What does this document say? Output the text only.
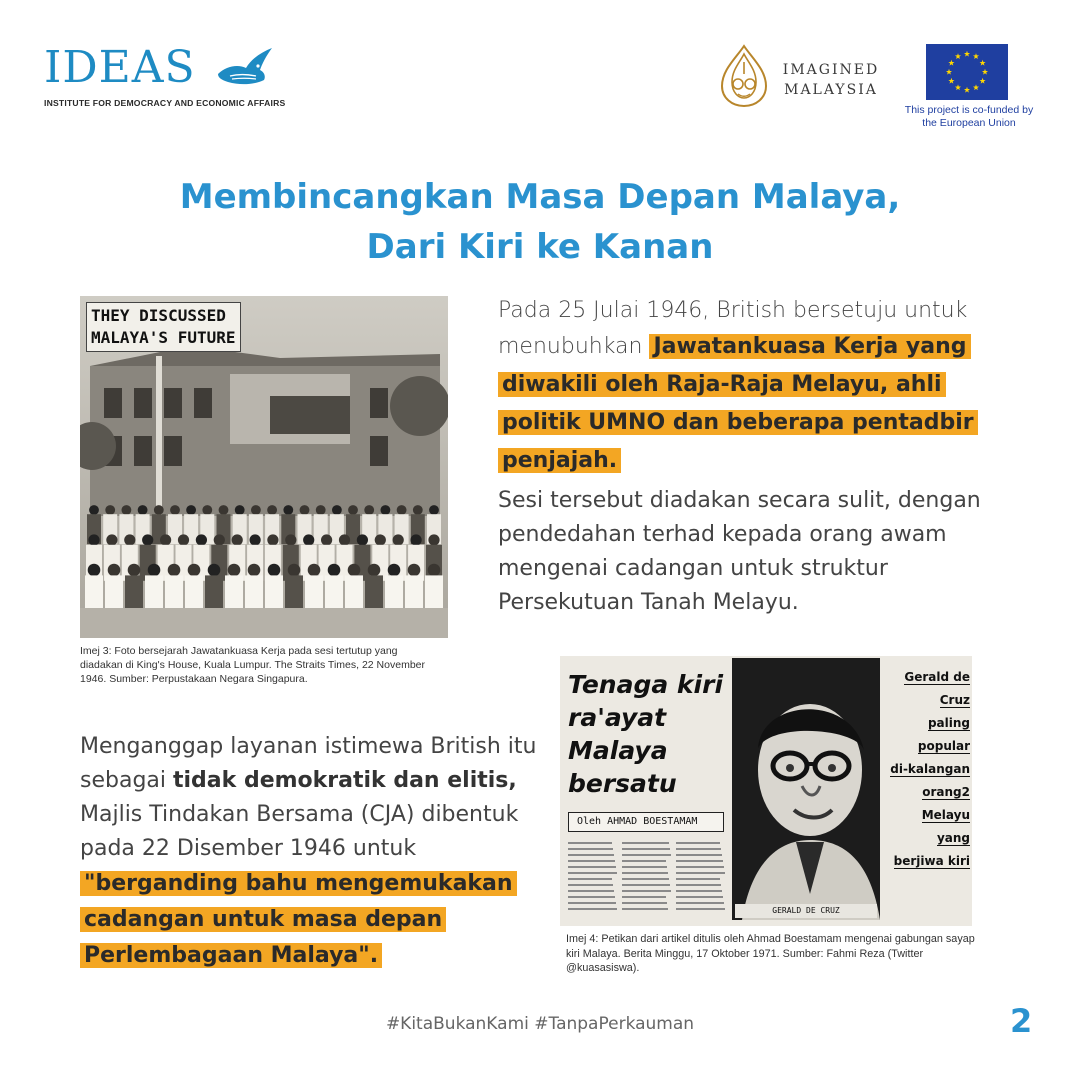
IDEAS
INSTITUTE FOR DEMOCRACY AND ECONOMIC AFFAIRS
IMAGINED
MALAYSIA
This project is co-funded by
the European Union
Membincangkan Masa Depan Malaya,
Dari Kiri ke Kanan
THEY DISCUSSED
MALAYA'S FUTURE
Imej 3: Foto bersejarah Jawatankuasa Kerja pada sesi tertutup yang diadakan di King's House, Kuala Lumpur. The Straits Times, 22 November 1946. Sumber: Perpustakaan Negara Singapura.
Pada 25 Julai 1946, British bersetuju untuk menubuhkan Jawatankuasa Kerja yang diwakili oleh Raja-Raja Melayu, ahli politik UMNO dan beberapa pentadbir penjajah.
Sesi tersebut diadakan secara sulit, dengan pendedahan terhad kepada orang awam mengenai cadangan untuk struktur Persekutuan Tanah Melayu.
Menganggap layanan istimewa British itu sebagai tidak demokratik dan elitis, Majlis Tindakan Bersama (CJA) dibentuk pada 22 Disember 1946 untuk "berganding bahu mengemukakan cadangan untuk masa depan Perlembagaan Malaya".
Tenaga kiri
ra'ayat
Malaya
bersatu
Oleh AHMAD BOESTAMAM
GERALD DE CRUZ
Gerald de
Cruz
paling
popular
di-kalangan
orang2
Melayu
yang
berjiwa kiri
Imej 4: Petikan dari artikel ditulis oleh Ahmad Boestamam mengenai gabungan sayap kiri Malaya. Berita Minggu, 17 Oktober 1971. Sumber: Fahmi Reza (Twitter @kuasasiswa).
#KitaBukanKami #TanpaPerkauman	2
